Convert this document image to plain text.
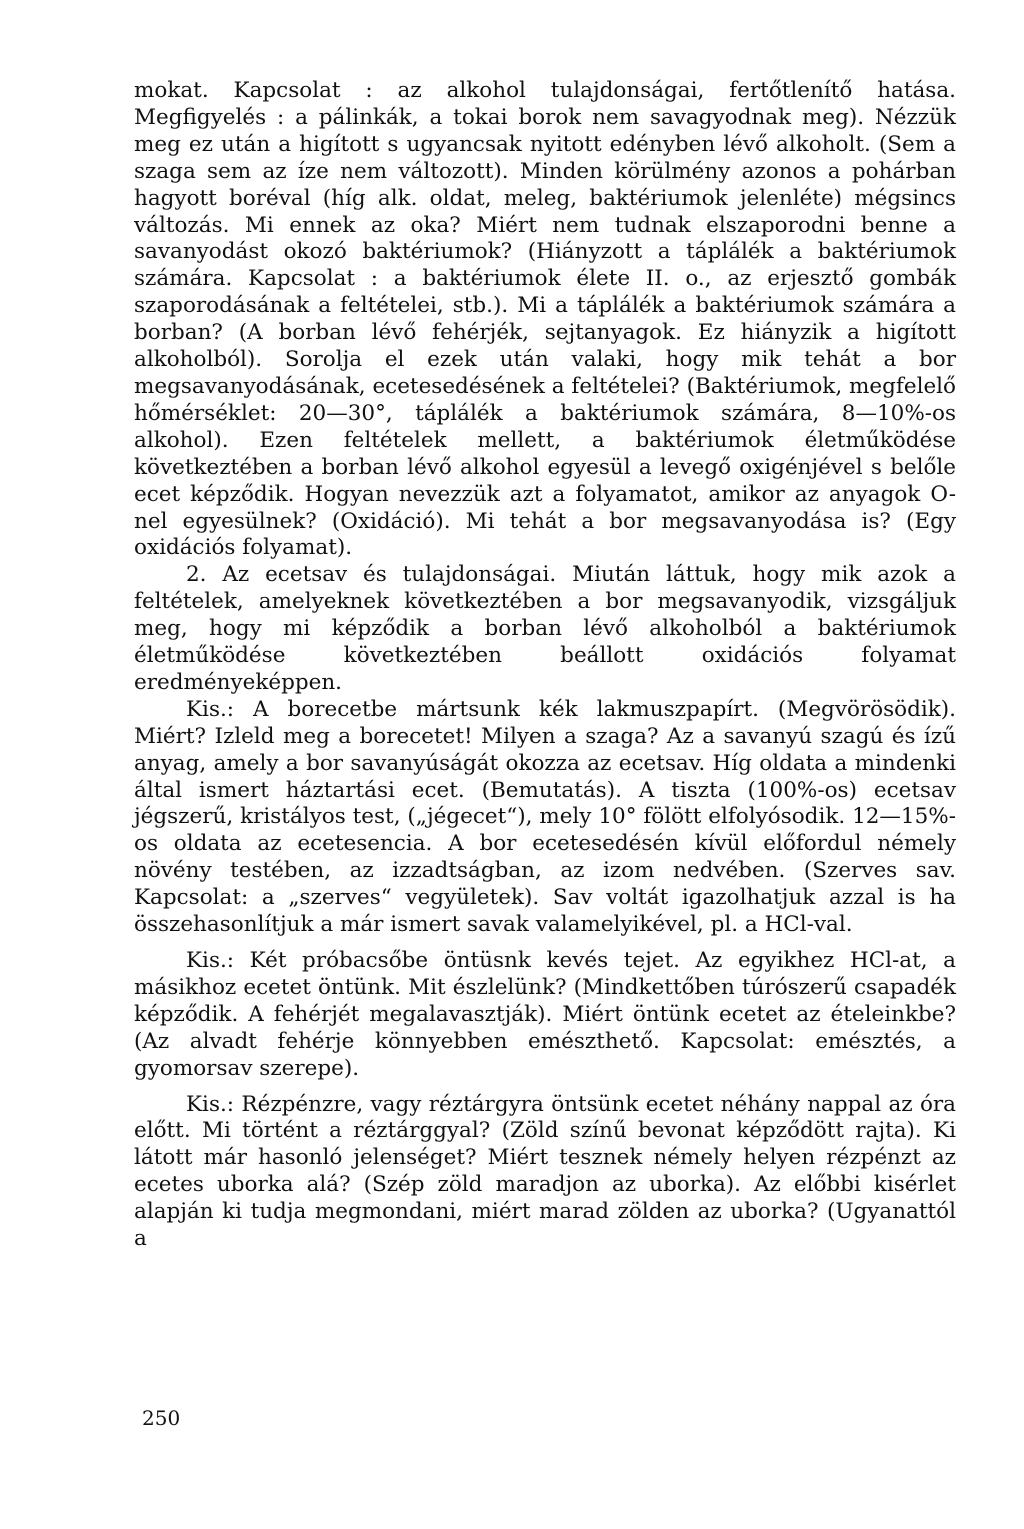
mokat. Kapcsolat : az alkohol tulajdonságai, fertőtlenítő hatása. Megfigyelés : a pálinkák, a tokai borok nem savagyodnak meg). Nézzük meg ez után a higított s ugyancsak nyitott edényben lévő alkoholt. (Sem a szaga sem az íze nem változott). Minden körülmény azonos a pohárban hagyott boréval (híg alk. oldat, meleg, baktériumok jelenléte) mégsincs változás. Mi ennek az oka? Miért nem tudnak elszaporodni benne a savanyodást okozó baktériumok? (Hiányzott a táplálék a baktériumok számára. Kapcsolat : a baktériumok élete II. o., az erjesztő gombák szaporodásának a feltételei, stb.). Mi a táplálék a baktériumok számára a borban? (A borban lévő fehérjék, sejtanyagok. Ez hiányzik a higított alkoholból). Sorolja el ezek után valaki, hogy mik tehát a bor megsavanyodásának, ecetesedésének a feltételei? (Baktériumok, megfelelő hőmérséklet: 20—30°, táplálék a baktériumok számára, 8—10%-os alkohol). Ezen feltételek mellett, a baktériumok életműködése következtében a borban lévő alkohol egyesül a levegő oxigénjével s belőle ecet képződik. Hogyan nevezzük azt a folyamatot, amikor az anyagok O-nel egyesülnek? (Oxidáció). Mi tehát a bor megsavanyodása is? (Egy oxidációs folyamat).

2. Az ecetsav és tulajdonságai. Miután láttuk, hogy mik azok a feltételek, amelyeknek következtében a bor megsavanyodik, vizsgáljuk meg, hogy mi képződik a borban lévő alkoholból a baktériumok életműködése következtében beállott oxidációs folyamat eredményeképpen.

Kis.: A borecetbe mártsunk kék lakmuszpapírt. (Megvörösödik). Miért? Izleld meg a borecetet! Milyen a szaga? Az a savanyú szagú és ízű anyag, amely a bor savanyúságát okozza az ecetsav. Híg oldata a mindenki által ismert háztartási ecet. (Bemutatás). A tiszta (100%-os) ecetsav jégszerű, kristályos test, („jégecet“), mely 10° fölött elfolyósodik. 12—15%-os oldata az ecetesencia. A bor ecetesedésén kívül előfordul némely növény testében, az izzadtságban, az izom nedvében. (Szerves sav. Kapcsolat: a „szerves“ vegyületek). Sav voltát igazolhatjuk azzal is ha összehasonlítjuk a már ismert savak valamelyikével, pl. a HCl-val.

Kis.: Két próbacsőbe öntüsnk kevés tejet. Az egyikhez HCl-at, a másikhoz ecetet öntünk. Mit észlelünk? (Mindkettőben túrószerű csapadék képződik. A fehérjét megalavasztják). Miért öntünk ecetet az ételeinkbe? (Az alvadt fehérje könnyebben emészthető. Kapcsolat: emésztés, a gyomorsav szerepe).

Kis.: Rézpénzre, vagy réztárgyra öntsünk ecetet néhány nappal az óra előtt. Mi történt a réztárggyal? (Zöld színű bevonat képződött rajta). Ki látott már hasonló jelenséget? Miért tesznek némely helyen rézpénzt az ecetes uborka alá? (Szép zöld maradjon az uborka). Az előbbi kisérlet alapján ki tudja megmondani, miért marad zölden az uborka? (Ugyanattól a

250
